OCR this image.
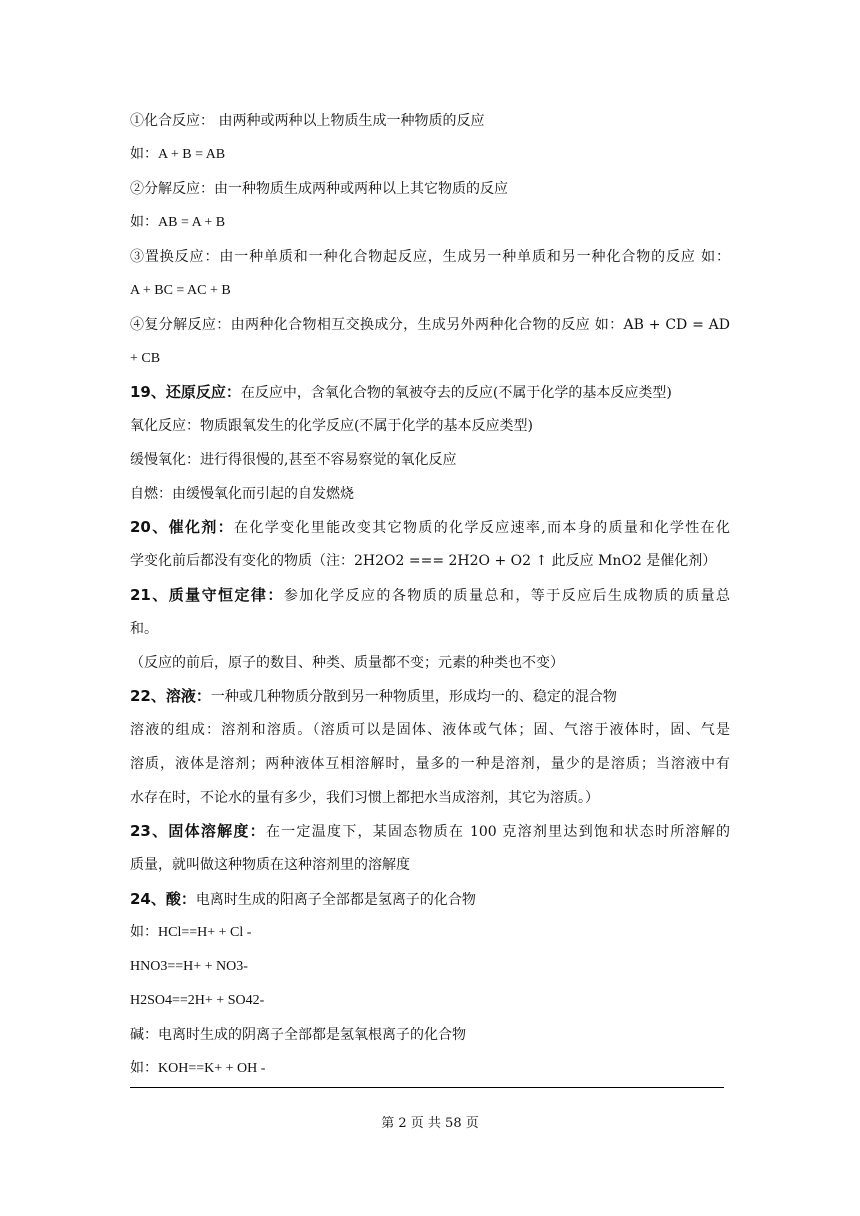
①化合反应： 由两种或两种以上物质生成一种物质的反应
如：A + B = AB
②分解反应：由一种物质生成两种或两种以上其它物质的反应
如：AB = A + B
③置换反应：由一种单质和一种化合物起反应，生成另一种单质和另一种化合物的反应 如：
A + BC = AC + B
④复分解反应：由两种化合物相互交换成分，生成另外两种化合物的反应 如：AB + CD = AD
+ CB
19、还原反应：在反应中，含氧化合物的氧被夺去的反应(不属于化学的基本反应类型)
氧化反应：物质跟氧发生的化学反应(不属于化学的基本反应类型)
缓慢氧化：进行得很慢的,甚至不容易察觉的氧化反应
自燃：由缓慢氧化而引起的自发燃烧
20、催化剂：在化学变化里能改变其它物质的化学反应速率,而本身的质量和化学性在化
学变化前后都没有变化的物质（注：2H2O2 === 2H2O + O2 ↑ 此反应 MnO2 是催化剂）
21、质量守恒定律：参加化学反应的各物质的质量总和，等于反应后生成物质的质量总
和。
（反应的前后，原子的数目、种类、质量都不变；元素的种类也不变）
22、溶液：一种或几种物质分散到另一种物质里，形成均一的、稳定的混合物
溶液的组成：溶剂和溶质。（溶质可以是固体、液体或气体；固、气溶于液体时，固、气是
溶质，液体是溶剂；两种液体互相溶解时，量多的一种是溶剂，量少的是溶质；当溶液中有
水存在时，不论水的量有多少，我们习惯上都把水当成溶剂，其它为溶质。）
23、固体溶解度：在一定温度下，某固态物质在 100 克溶剂里达到饱和状态时所溶解的
质量，就叫做这种物质在这种溶剂里的溶解度
24、酸：电离时生成的阳离子全部都是氢离子的化合物
如：HCl==H+ + Cl -
HNO3==H+ + NO3-
H2SO4==2H+ + SO42-
碱：电离时生成的阴离子全部都是氢氧根离子的化合物
如：KOH==K+ + OH -
第 2 页 共 58 页
